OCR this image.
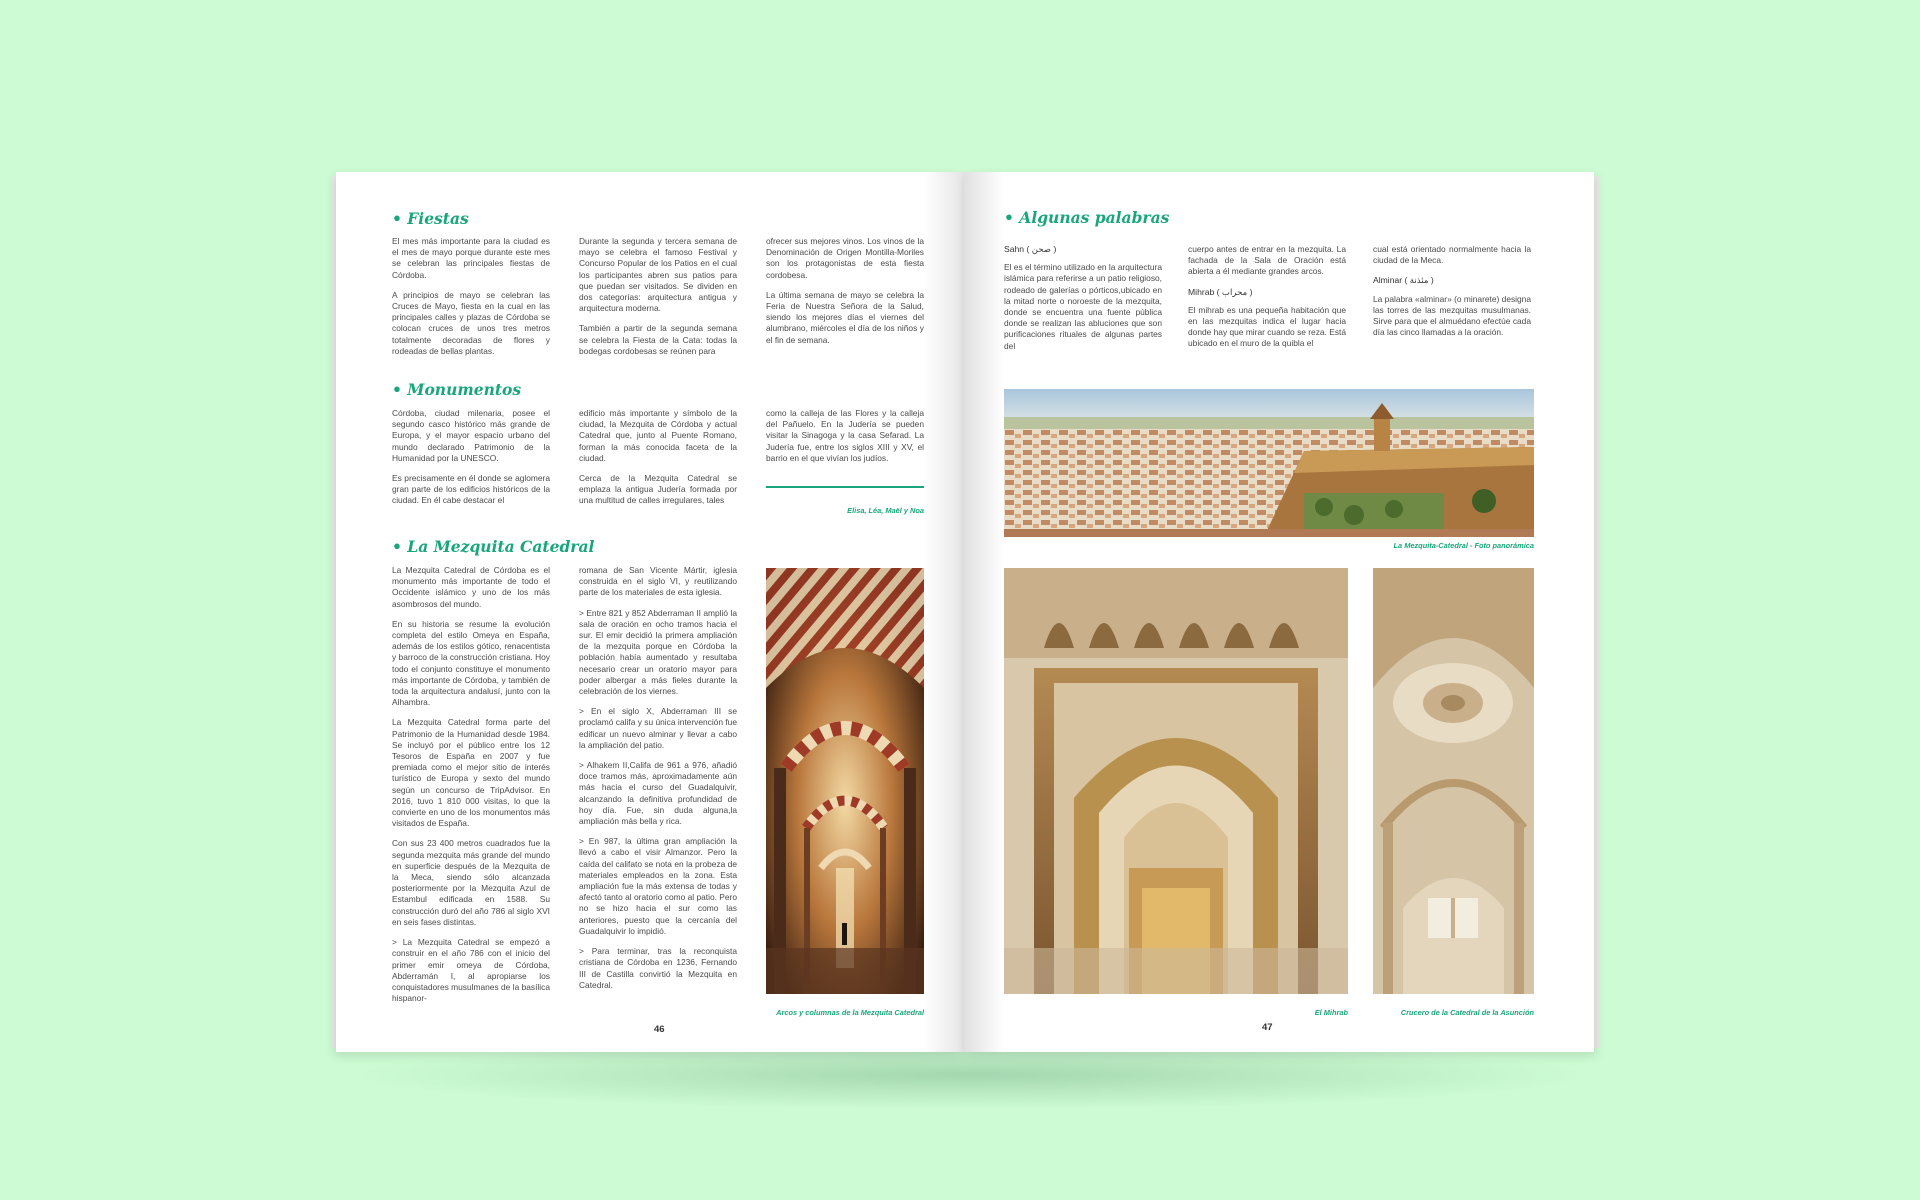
• Fiestas

El mes más importante para la ciudad es el mes de mayo porque durante este mes se celebran las principales fiestas de Córdoba.

A principios de mayo se celebran las Cruces de Mayo, fiesta en la cual en las principales calles y plazas de Córdoba se colocan cruces de unos tres metros totalmente decoradas de flores y rodeadas de bellas plantas.

Durante la segunda y tercera semana de mayo se celebra el famoso Festival y Concurso Popular de los Patios en el cual los participantes abren sus patios para que puedan ser visitados. Se dividen en dos categorías: arquitectura antigua y arquitectura moderna.

También a partir de la segunda semana se celebra la Fiesta de la Cata: todas la bodegas cordobesas se reúnen para

ofrecer sus mejores vinos. Los vinos de la Denominación de Origen Montilla-Moriles son los protagonistas de esta fiesta cordobesa.

La última semana de mayo se celebra la Feria de Nuestra Señora de la Salud, siendo los mejores días el viernes del alumbrano, miércoles el día de los niños y el fin de semana.

• Monumentos

Córdoba, ciudad milenaria, posee el segundo casco histórico más grande de Europa, y el mayor espacio urbano del mundo declarado Patrimonio de la Humanidad por la UNESCO.

Es precisamente en él donde se aglomera gran parte de los edificios históricos de la ciudad. En él cabe destacar el

edificio más importante y símbolo de la ciudad, la Mezquita de Córdoba y actual Catedral que, junto al Puente Romano, forman la más conocida faceta de la ciudad.

Cerca de la Mezquita Catedral se emplaza la antigua Judería formada por una multitud de calles irregulares, tales

como la calleja de las Flores y la calleja del Pañuelo. En la Judería se pueden visitar la Sinagoga y la casa Sefarad. La Judería fue, entre los siglos XIII y XV, el barrio en el que vivían los judíos.

Elisa, Léa, Maël y Noa
• La Mezquita Catedral

La Mezquita Catedral de Córdoba es el monumento más importante de todo el Occidente islámico y uno de los más asombrosos del mundo.

En su historia se resume la evolución completa del estilo Omeya en España, además de los estilos gótico, renacentista y barroco de la construcción cristiana. Hoy todo el conjunto constituye el monumento más importante de Córdoba, y también de toda la arquitectura andalusí, junto con la Alhambra.

La Mezquita Catedral forma parte del Patrimonio de la Humanidad desde 1984. Se incluyó por el público entre los 12 Tesoros de España en 2007 y fue premiada como el mejor sitio de interés turístico de Europa y sexto del mundo según un concurso de TripAdvisor. En 2016, tuvo 1 810 000 visitas, lo que la convierte en uno de los monumentos más visitados de España.

Con sus 23 400 metros cuadrados fue la segunda mezquita más grande del mundo en superficie después de la Mezquita de la Meca, siendo sólo alcanzada posteriormente por la Mezquita Azul de Estambul edificada en 1588. Su construcción duró del año 786 al siglo XVI en seis fases distintas.

> La Mezquita Catedral se empezó a construir en el año 786 con el inicio del primer emir omeya de Córdoba, Abderramán I, al apropiarse los conquistadores musulmanes de la basílica hispanor-

romana de San Vicente Mártir, iglesia construida en el siglo VI, y reutilizando parte de los materiales de esta iglesia.

> Entre 821 y 852 Abderraman II amplió la sala de oración en ocho tramos hacia el sur. El emir decidió la primera ampliación de la mezquita porque en Córdoba la población había aumentado y resultaba necesario crear un oratorio mayor para poder albergar a más fieles durante la celebración de los viernes.

> En el siglo X, Abderraman III se proclamó califa y su única intervención fue edificar un nuevo alminar y llevar a cabo la ampliación del patio.

> Alhakem II,Califa de 961 a 976, añadió doce tramos más, aproximadamente aún más hacia el curso del Guadalquivir, alcanzando la definitiva profundidad de hoy día. Fue, sin duda alguna,la ampliación más bella y rica.

> En 987, la última gran ampliación la llevó a cabo el visir Almanzor. Pero la caída del califato se nota en la probeza de materiales empleados en la zona. Esta ampliación fue la más extensa de todas y afectó tanto al oratorio como al patio. Pero no se hizo hacia el sur como las anteriores, puesto que la cercanía del Guadalquivir lo impidió.

> Para terminar, tras la reconquista cristiana de Córdoba en 1236, Fernando III de Castilla convirtió la Mezquita en Catedral.

Arcos y columnas de la Mezquita Catedral
46
• Algunas palabras
Sahn ( صحن )

El es el término utilizado en la arquitectura islámica para referirse a un patio religioso, rodeado de galerías o pórticos,ubicado en la mitad norte o noroeste de la mezquita, donde se encuentra una fuente pública donde se realizan las abluciones que son purificaciones rituales de algunas partes del

cuerpo antes de entrar en la mezquita. La fachada de la Sala de Oración está abierta a él mediante grandes arcos.

Mihrab ( محراب )

El mihrab es una pequeña habitación que en las mezquitas indica el lugar hacia donde hay que mirar cuando se reza. Está ubicado en el muro de la quibla el

cual está orientado normalmente hacia la ciudad de la Meca.

Alminar ( مئذنة )

La palabra «alminar» (o minarete) designa las torres de las mezquitas musulmanas. Sirve para que el almuédano efectúe cada día las cinco llamadas a la oración.

La Mezquita-Catedral - Foto panorámica
El Mihrab	Crucero de la Catedral de la Asunción
47
